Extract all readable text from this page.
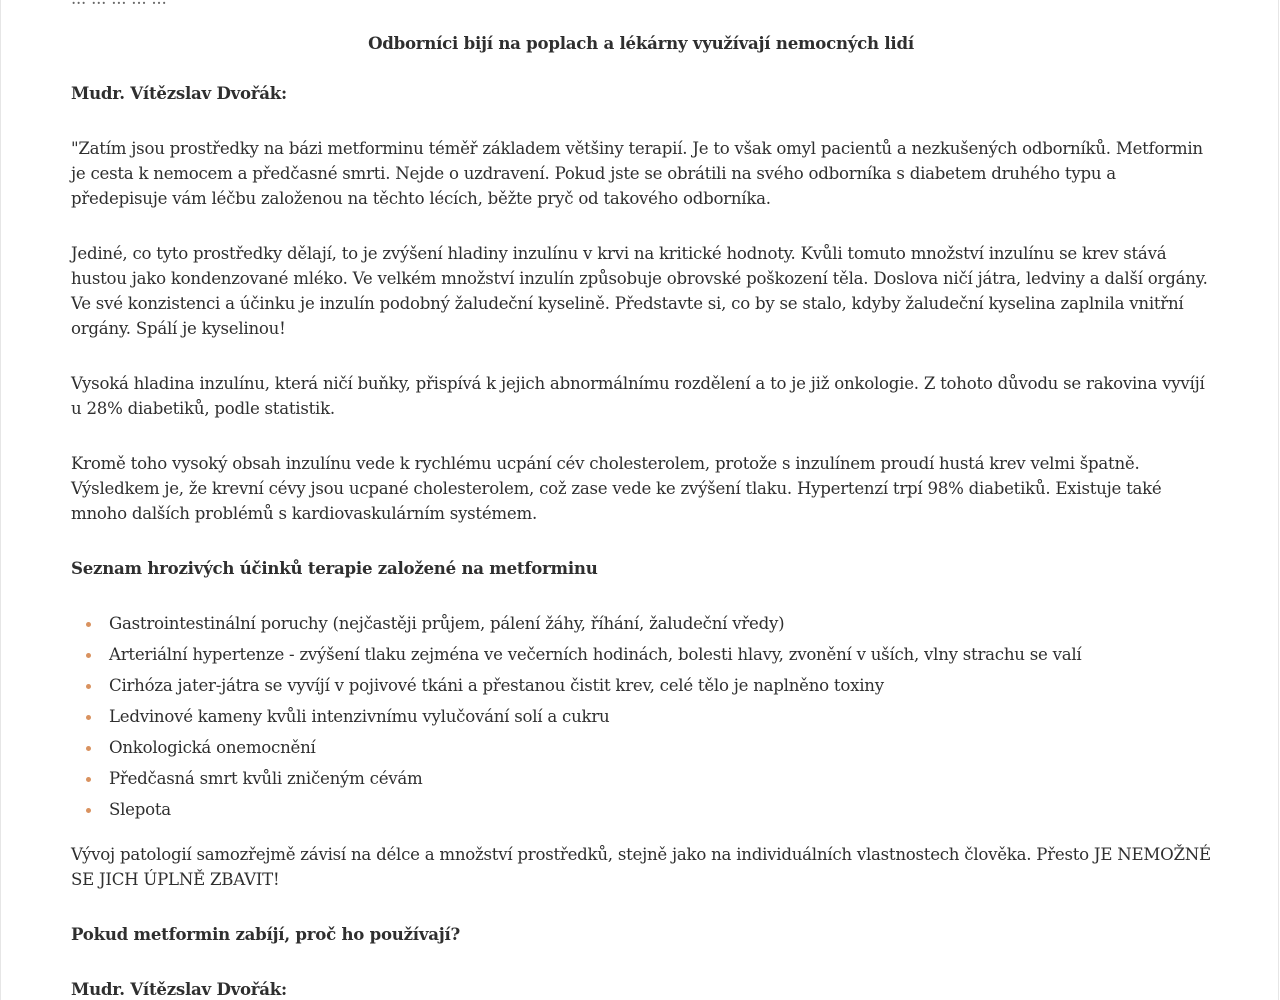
Odborníci bijí na poplach a lékárny využívají nemocných lidí

Mudr. Vítězslav Dvořák:

"Zatím jsou prostředky na bázi metforminu téměř základem většiny terapií. Je to však omyl pacientů a nezkušených odborníků. Metformin je cesta k nemocem a předčasné smrti. Nejde o uzdravení. Pokud jste se obrátili na svého odborníka s diabetem druhého typu a předepisuje vám léčbu založenou na těchto lécích, běžte pryč od takového odborníka.

Jediné, co tyto prostředky dělají, to je zvýšení hladiny inzulínu v krvi na kritické hodnoty. Kvůli tomuto množství inzulínu se krev stává hustou jako kondenzované mléko. Ve velkém množství inzulín způsobuje obrovské poškození těla. Doslova ničí játra, ledviny a další orgány. Ve své konzistenci a účinku je inzulín podobný žaludeční kyselině. Představte si, co by se stalo, kdyby žaludeční kyselina zaplnila vnitřní orgány. Spálí je kyselinou!

Vysoká hladina inzulínu, která ničí buňky, přispívá k jejich abnormálnímu rozdělení a to je již onkologie. Z tohoto důvodu se rakovina vyvíjí u 28% diabetiků, podle statistik.

Kromě toho vysoký obsah inzulínu vede k rychlému ucpání cév cholesterolem, protože s inzulínem proudí hustá krev velmi špatně. Výsledkem je, že krevní cévy jsou ucpané cholesterolem, což zase vede ke zvýšení tlaku. Hypertenzí trpí 98% diabetiků. Existuje také mnoho dalších problémů s kardiovaskulárním systémem.

Seznam hrozivých účinků terapie založené na metforminu

Gastrointestinální poruchy (nejčastěji průjem, pálení žáhy, říhání, žaludeční vředy)
Arteriální hypertenze - zvýšení tlaku zejména ve večerních hodinách, bolesti hlavy, zvonění v uších, vlny strachu se valí
Cirhóza jater-játra se vyvíjí v pojivové tkáni a přestanou čistit krev, celé tělo je naplněno toxiny
Ledvinové kameny kvůli intenzivnímu vylučování solí a cukru
Onkologická onemocnění
Předčasná smrt kvůli zničeným cévám
Slepota

Vývoj patologií samozřejmě závisí na délce a množství prostředků, stejně jako na individuálních vlastnostech člověka. Přesto JE NEMOŽNÉ SE JICH ÚPLNĚ ZBAVIT!

Pokud metformin zabíjí, proč ho používají?

Mudr. Vítězslav Dvořák:
